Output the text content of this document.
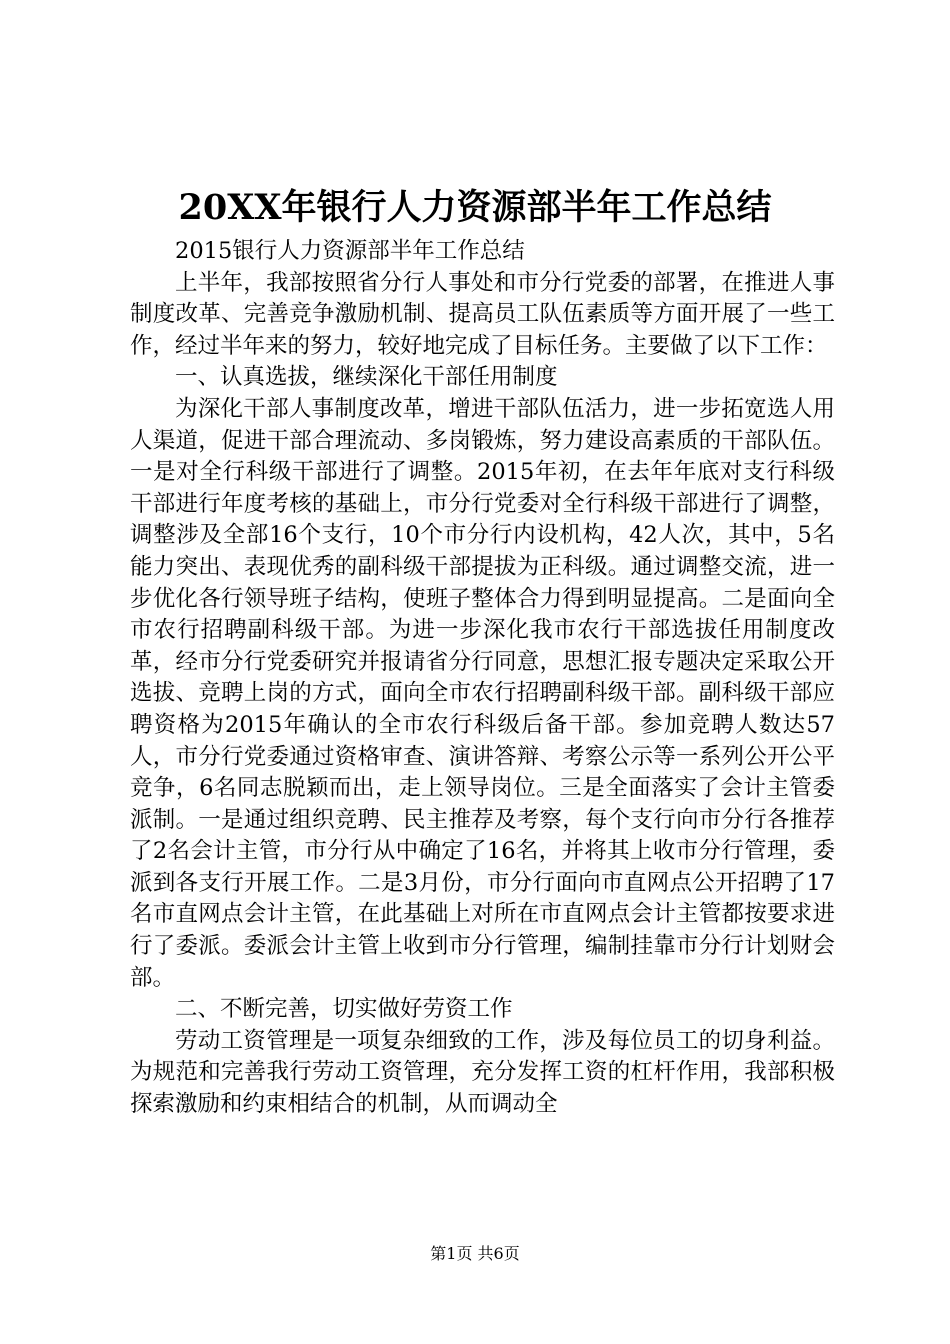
20XX年银行人力资源部半年工作总结

2015银行人力资源部半年工作总结

上半年，我部按照省分行人事处和市分行党委的部署，在推进人事制度改革、完善竞争激励机制、提高员工队伍素质等方面开展了一些工作，经过半年来的努力，较好地完成了目标任务。主要做了以下工作：

一、认真选拔，继续深化干部任用制度

为深化干部人事制度改革，增进干部队伍活力，进一步拓宽选人用人渠道，促进干部合理流动、多岗锻炼，努力建设高素质的干部队伍。一是对全行科级干部进行了调整。2015年初，在去年年底对支行科级干部进行年度考核的基础上，市分行党委对全行科级干部进行了调整，调整涉及全部16个支行，10个市分行内设机构，42人次，其中，5名能力突出、表现优秀的副科级干部提拔为正科级。通过调整交流，进一步优化各行领导班子结构，使班子整体合力得到明显提高。二是面向全市农行招聘副科级干部。为进一步深化我市农行干部选拔任用制度改革，经市分行党委研究并报请省分行同意，思想汇报专题决定采取公开选拔、竞聘上岗的方式，面向全市农行招聘副科级干部。副科级干部应聘资格为2015年确认的全市农行科级后备干部。参加竞聘人数达57人，市分行党委通过资格审查、演讲答辩、考察公示等一系列公开公平竞争，6名同志脱颖而出，走上领导岗位。三是全面落实了会计主管委派制。一是通过组织竞聘、民主推荐及考察，每个支行向市分行各推荐了2名会计主管，市分行从中确定了16名，并将其上收市分行管理，委派到各支行开展工作。二是3月份，市分行面向市直网点公开招聘了17名市直网点会计主管，在此基础上对所在市直网点会计主管都按要求进行了委派。委派会计主管上收到市分行管理，编制挂靠市分行计划财会部。

二、不断完善，切实做好劳资工作

劳动工资管理是一项复杂细致的工作，涉及每位员工的切身利益。为规范和完善我行劳动工资管理，充分发挥工资的杠杆作用，我部积极探索激励和约束相结合的机制，从而调动全

第1页 共6页
